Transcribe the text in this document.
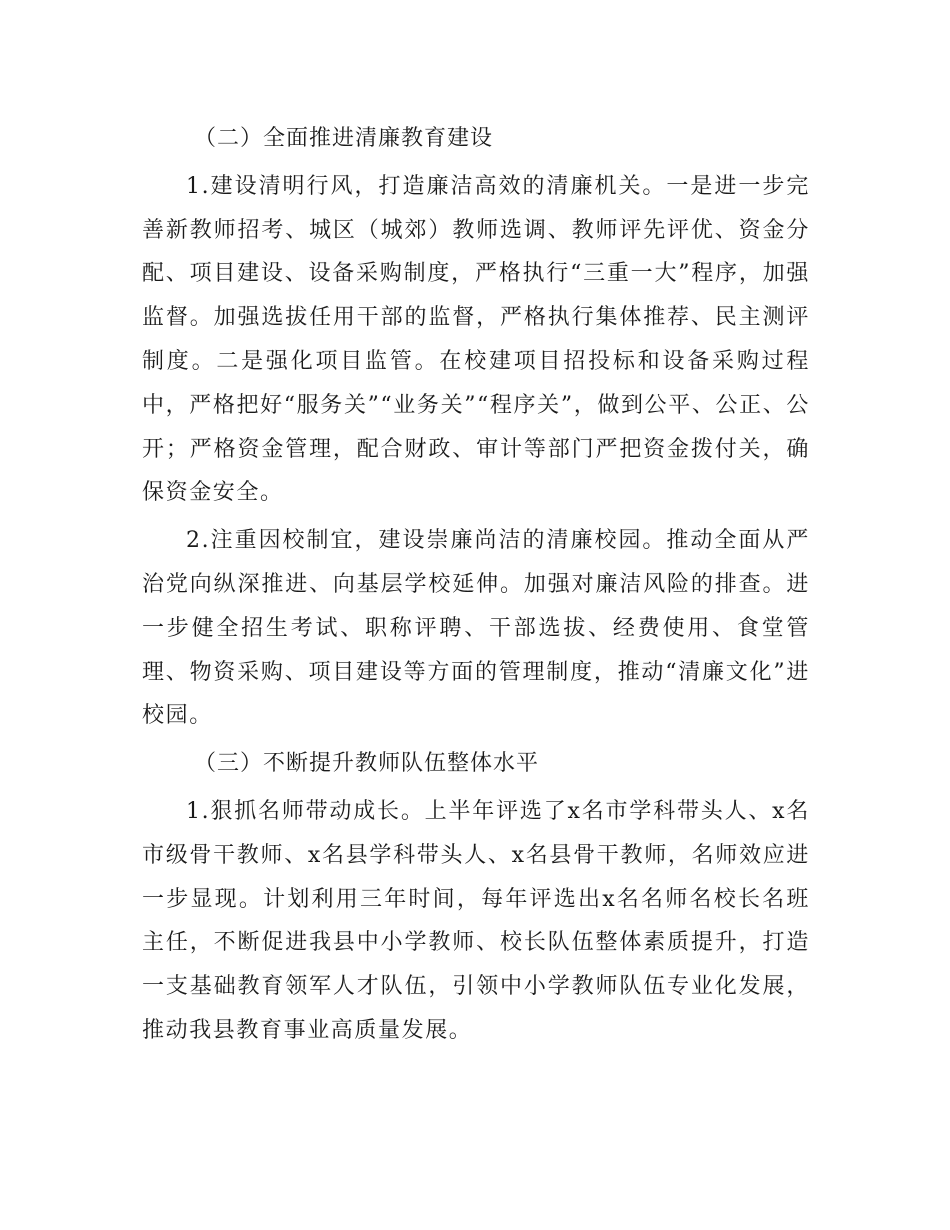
（二）全面推进清廉教育建设

1.建设清明行风，打造廉洁高效的清廉机关。一是进一步完善新教师招考、城区（城郊）教师选调、教师评先评优、资金分配、项目建设、设备采购制度，严格执行“三重一大”程序，加强监督。加强选拔任用干部的监督，严格执行集体推荐、民主测评制度。二是强化项目监管。在校建项目招投标和设备采购过程中，严格把好“服务关”“业务关”“程序关”，做到公平、公正、公开；严格资金管理，配合财政、审计等部门严把资金拨付关，确保资金安全。

2.注重因校制宜，建设崇廉尚洁的清廉校园。推动全面从严治党向纵深推进、向基层学校延伸。加强对廉洁风险的排查。进一步健全招生考试、职称评聘、干部选拔、经费使用、食堂管理、物资采购、项目建设等方面的管理制度，推动“清廉文化”进校园。

（三）不断提升教师队伍整体水平

1.狠抓名师带动成长。上半年评选了x名市学科带头人、x名市级骨干教师、x名县学科带头人、x名县骨干教师，名师效应进一步显现。计划利用三年时间，每年评选出x名名师名校长名班主任，不断促进我县中小学教师、校长队伍整体素质提升，打造一支基础教育领军人才队伍，引领中小学教师队伍专业化发展，推动我县教育事业高质量发展。
